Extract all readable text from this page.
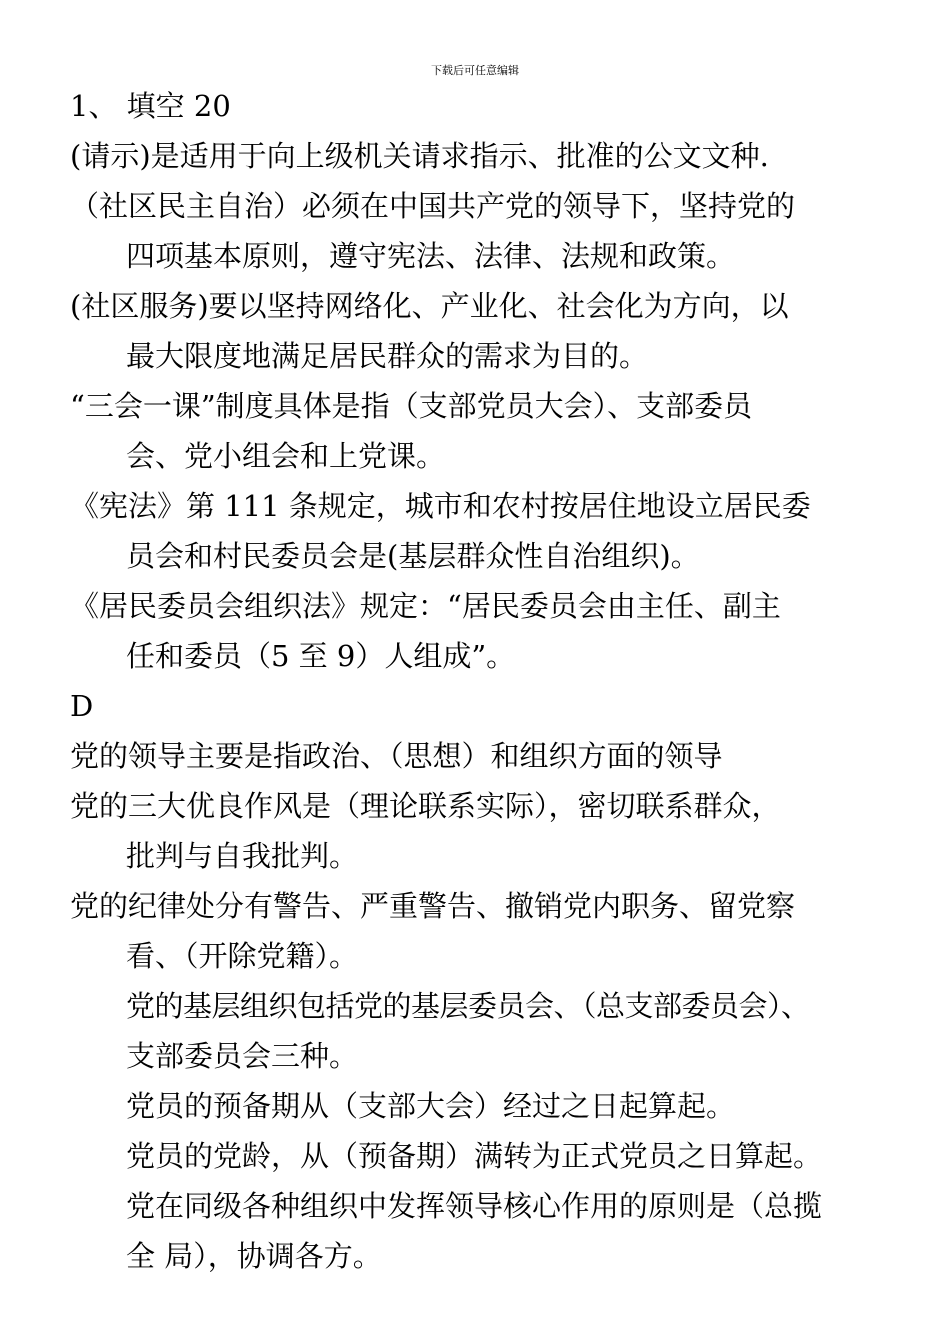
下载后可任意编辑
1、 填空 20
(请示)是适用于向上级机关请求指示、批准的公文文种.
（社区民主自治）必须在中国共产党的领导下，坚持党的
四项基本原则，遵守宪法、法律、法规和政策。
(社区服务)要以坚持网络化、产业化、社会化为方向，以
最大限度地满足居民群众的需求为目的。
“三会一课”制度具体是指（支部党员大会）、支部委员
会、党小组会和上党课。
《宪法》第 111 条规定，城市和农村按居住地设立居民委
员会和村民委员会是(基层群众性自治组织)。
《居民委员会组织法》规定：“居民委员会由主任、副主
任和委员（5 至 9）人组成”。
D
党的领导主要是指政治、（思想）和组织方面的领导
党的三大优良作风是（理论联系实际），密切联系群众，
批判与自我批判。
党的纪律处分有警告、严重警告、撤销党内职务、留党察
看、（开除党籍）。
党的基层组织包括党的基层委员会、（总支部委员会）、
支部委员会三种。
党员的预备期从（支部大会）经过之日起算起。
党员的党龄，从（预备期）满转为正式党员之日算起。
党在同级各种组织中发挥领导核心作用的原则是（总揽
全 局），协调各方。
